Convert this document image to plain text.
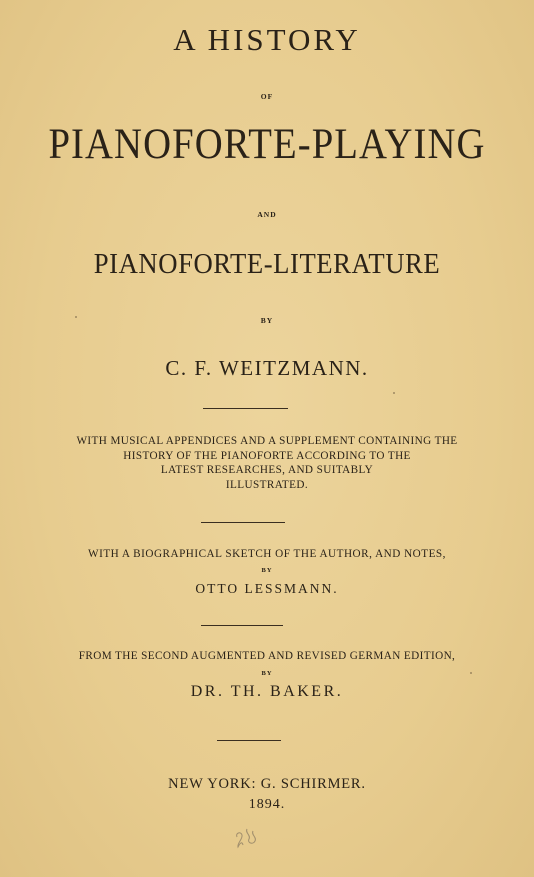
A HISTORY
OF
PIANOFORTE-PLAYING
AND
PIANOFORTE-LITERATURE
BY
C. F. WEITZMANN.
WITH MUSICAL APPENDICES AND A SUPPLEMENT CONTAINING THE
HISTORY OF THE PIANOFORTE ACCORDING TO THE
LATEST RESEARCHES, AND SUITABLY
ILLUSTRATED.
WITH A BIOGRAPHICAL SKETCH OF THE AUTHOR, AND NOTES,
BY
OTTO LESSMANN.
FROM THE SECOND AUGMENTED AND REVISED GERMAN EDITION,
BY
DR. TH. BAKER.
NEW YORK: G. SCHIRMER.
1894.
